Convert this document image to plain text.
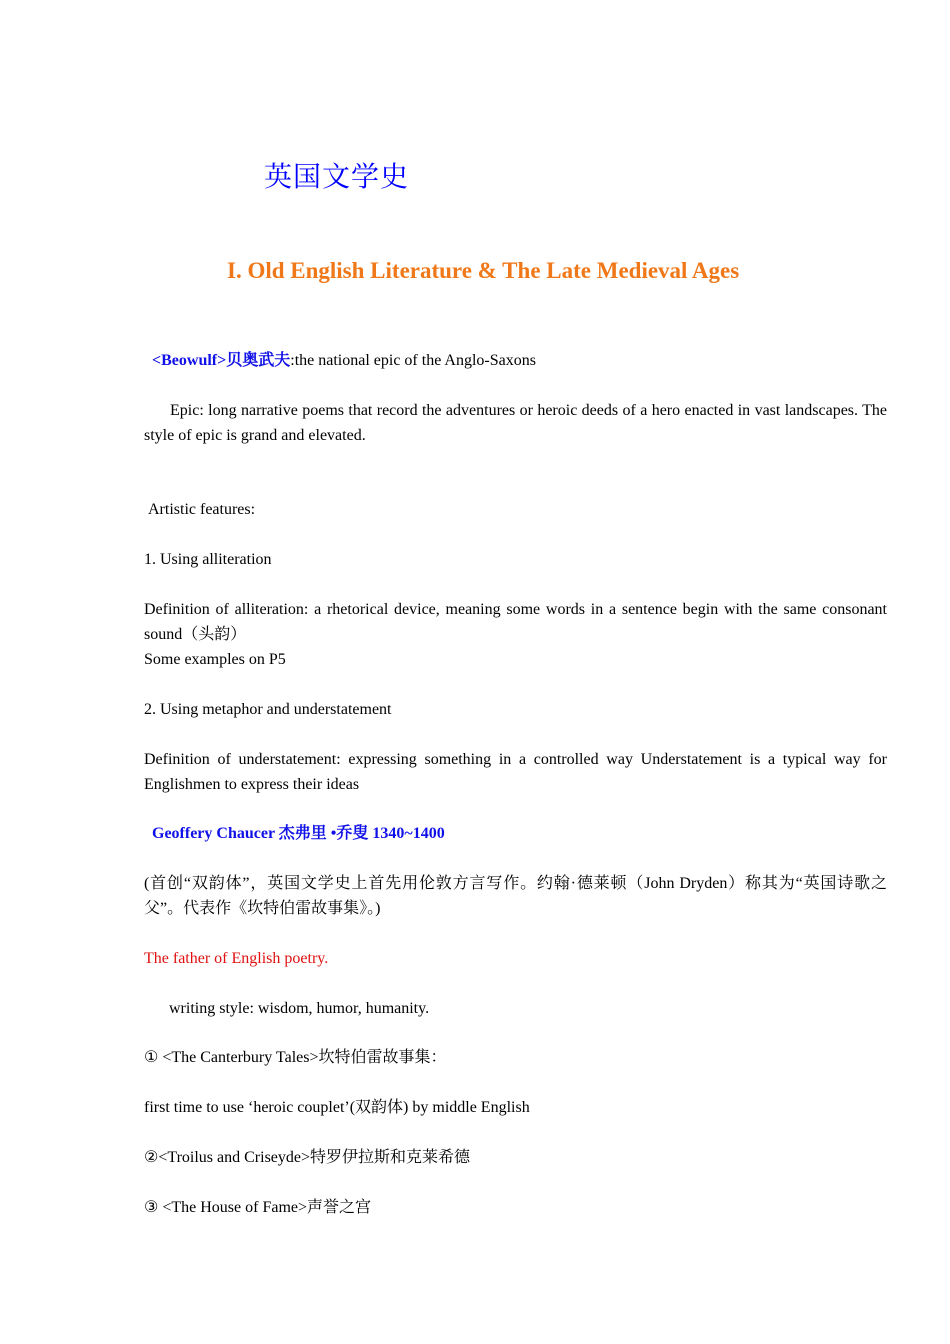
英国文学史
I. Old English Literature & The Late Medieval Ages
<Beowulf>贝奥武夫:the national epic of the Anglo-Saxons
Epic: long narrative poems that record the adventures or heroic deeds of a hero enacted in vast landscapes. The style of epic is grand and elevated.
Artistic features:
1. Using alliteration
Definition of alliteration: a rhetorical device, meaning some words in a sentence begin with the same consonant sound（头韵）
Some examples on P5
2. Using metaphor and understatement
Definition of understatement: expressing something in a controlled way Understatement is a typical way for Englishmen to express their ideas
Geoffery Chaucer 杰弗里 •乔叟 1340~1400
(首创“双韵体”，英国文学史上首先用伦敦方言写作。约翰·德莱顿（John Dryden）称其为“英国诗歌之父”。代表作《坎特伯雷故事集》。)
The father of English poetry.
writing style: wisdom, humor, humanity.
① <The Canterbury Tales>坎特伯雷故事集：
first time to use ‘heroic couplet’(双韵体) by middle English
②<Troilus and Criseyde>特罗伊拉斯和克莱希德
③ <The House of Fame>声誉之宫
